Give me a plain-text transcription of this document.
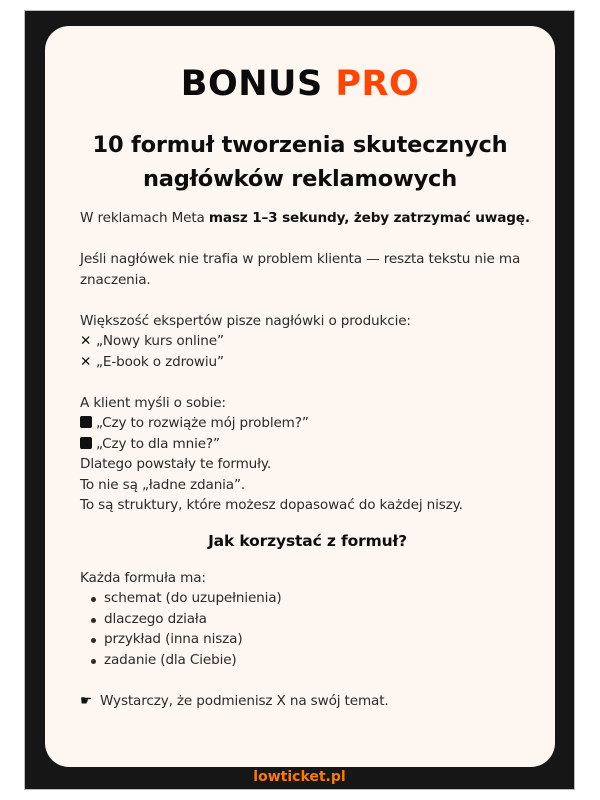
BONUS PRO
10 formuł tworzenia skutecznych
nagłówków reklamowych

W reklamach Meta masz 1–3 sekundy, żeby zatrzymać uwagę.

Jeśli nagłówek nie trafia w problem klienta — reszta tekstu nie ma znaczenia.

Większość ekspertów pisze nagłówki o produkcie:

✕ „Nowy kurs online”

✕ „E-book o zdrowiu”

A klient myśli o sobie:

„Czy to rozwiąże mój problem?”

„Czy to dla mnie?”

Dlatego powstały te formuły.

To nie są „ładne zdania”.

To są struktury, które możesz dopasować do każdej niszy.

Jak korzystać z formuł?

Każda formuła ma:

schemat (do uzupełnienia)
dlaczego działa
przykład (inna nisza)
zadanie (dla Ciebie)

☛ Wystarczy, że podmienisz X na swój temat.

lowticket.pl
